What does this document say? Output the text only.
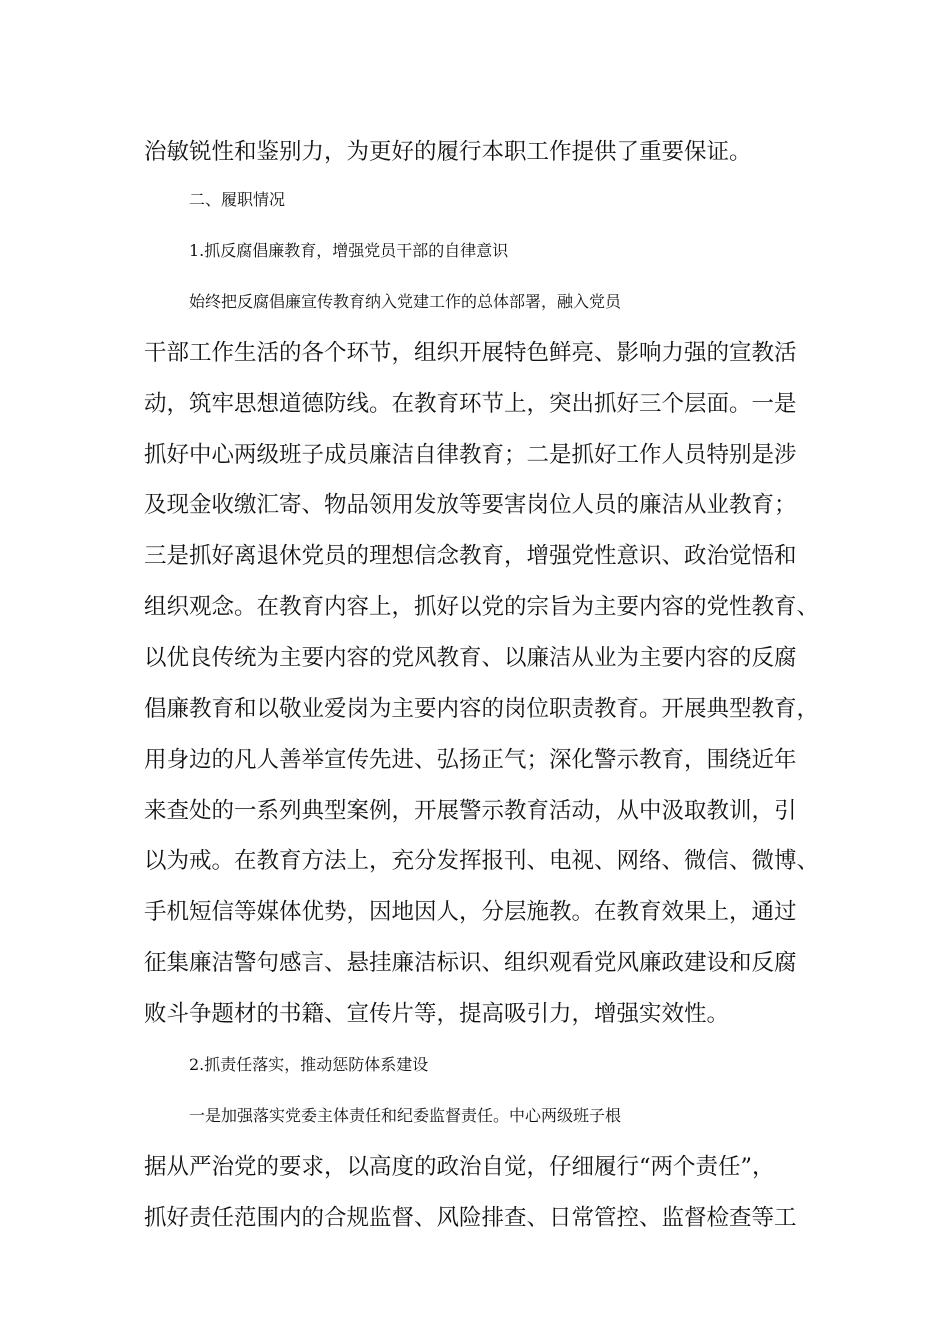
治敏锐性和鉴别力，为更好的履行本职工作提供了重要保证。
二、履职情况
1.抓反腐倡廉教育，增强党员干部的自律意识
始终把反腐倡廉宣传教育纳入党建工作的总体部署，融入党员
干部工作生活的各个环节，组织开展特色鲜亮、影响力强的宣教活
动，筑牢思想道德防线。在教育环节上，突出抓好三个层面。一是
抓好中心两级班子成员廉洁自律教育；二是抓好工作人员特别是涉
及现金收缴汇寄、物品领用发放等要害岗位人员的廉洁从业教育；
三是抓好离退休党员的理想信念教育，增强党性意识、政治觉悟和
组织观念。在教育内容上，抓好以党的宗旨为主要内容的党性教育、
以优良传统为主要内容的党风教育、以廉洁从业为主要内容的反腐
倡廉教育和以敬业爱岗为主要内容的岗位职责教育。开展典型教育，
用身边的凡人善举宣传先进、弘扬正气；深化警示教育，围绕近年
来查处的一系列典型案例，开展警示教育活动，从中汲取教训，引
以为戒。在教育方法上，充分发挥报刊、电视、网络、微信、微博、
手机短信等媒体优势，因地因人，分层施教。在教育效果上，通过
征集廉洁警句感言、悬挂廉洁标识、组织观看党风廉政建设和反腐
败斗争题材的书籍、宣传片等，提高吸引力，增强实效性。
2.抓责任落实，推动惩防体系建设
一是加强落实党委主体责任和纪委监督责任。中心两级班子根
据从严治党的要求，以高度的政治自觉，仔细履行“两个责任”，
抓好责任范围内的合规监督、风险排查、日常管控、监督检查等工
